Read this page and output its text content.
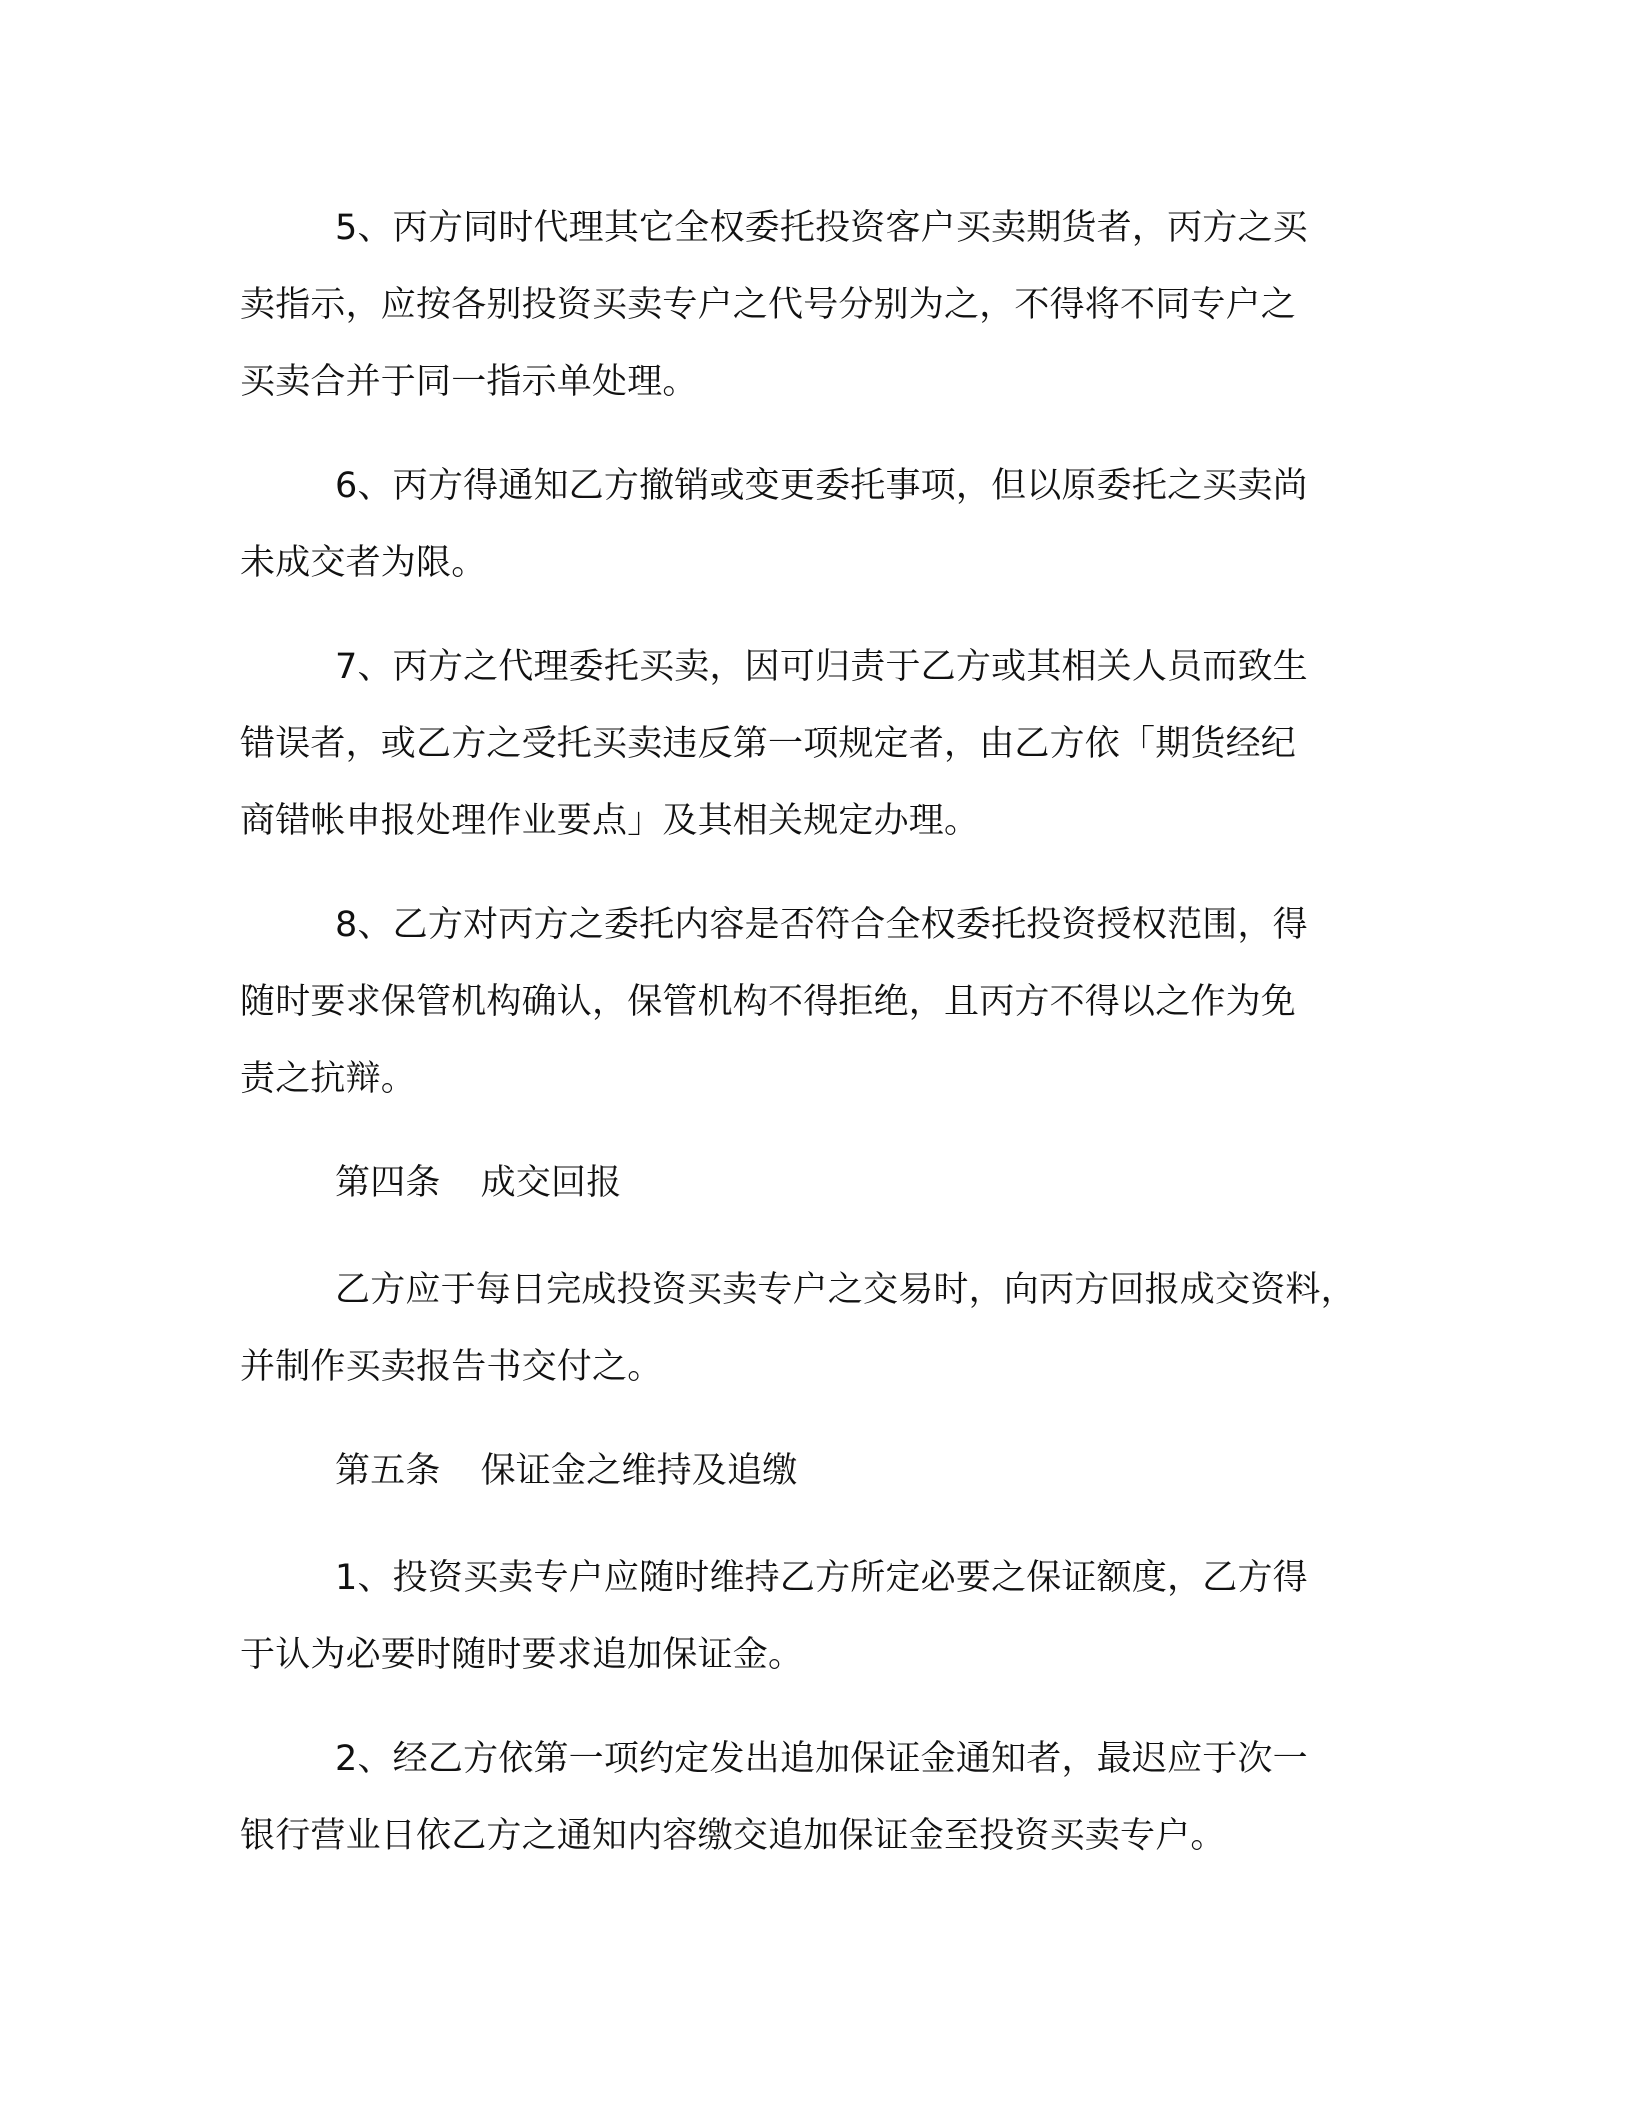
5、丙方同时代理其它全权委托投资客户买卖期货者，丙方之买
卖指示，应按各别投资买卖专户之代号分别为之，不得将不同专户之
买卖合并于同一指示单处理。

6、丙方得通知乙方撤销或变更委托事项，但以原委托之买卖尚
未成交者为限。

7、丙方之代理委托买卖，因可归责于乙方或其相关人员而致生
错误者，或乙方之受托买卖违反第一项规定者，由乙方依「期货经纪
商错帐申报处理作业要点」及其相关规定办理。

8、乙方对丙方之委托内容是否符合全权委托投资授权范围，得
随时要求保管机构确认，保管机构不得拒绝，且丙方不得以之作为免
责之抗辩。

第四条 成交回报

乙方应于每日完成投资买卖专户之交易时，向丙方回报成交资料，
并制作买卖报告书交付之。

第五条 保证金之维持及追缴

1、投资买卖专户应随时维持乙方所定必要之保证额度，乙方得
于认为必要时随时要求追加保证金。

2、经乙方依第一项约定发出追加保证金通知者，最迟应于次一
银行营业日依乙方之通知内容缴交追加保证金至投资买卖专户。
